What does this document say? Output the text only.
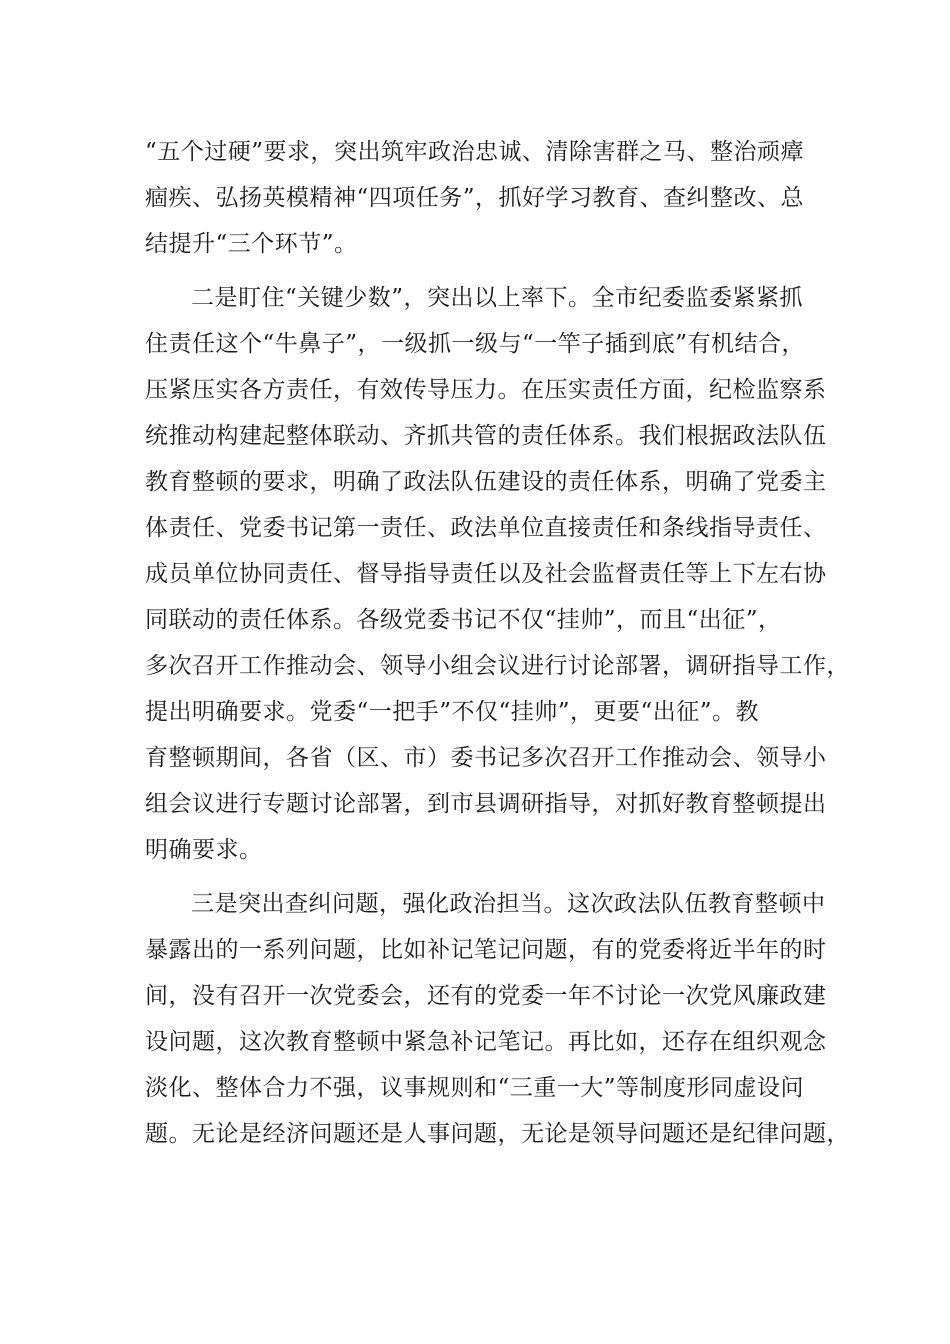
“五个过硬”要求，突出筑牢政治忠诚、清除害群之马、整治顽瘴
痼疾、弘扬英模精神“四项任务”，抓好学习教育、查纠整改、总
结提升“三个环节”。
二是盯住“关键少数”，突出以上率下。全市纪委监委紧紧抓
住责任这个“牛鼻子”，一级抓一级与“一竿子插到底”有机结合，
压紧压实各方责任，有效传导压力。在压实责任方面，纪检监察系
统推动构建起整体联动、齐抓共管的责任体系。我们根据政法队伍
教育整顿的要求，明确了政法队伍建设的责任体系，明确了党委主
体责任、党委书记第一责任、政法单位直接责任和条线指导责任、
成员单位协同责任、督导指导责任以及社会监督责任等上下左右协
同联动的责任体系。各级党委书记不仅“挂帅”，而且“出征”，
多次召开工作推动会、领导小组会议进行讨论部署，调研指导工作，
提出明确要求。党委“一把手”不仅“挂帅”，更要“出征”。教
育整顿期间，各省（区、市）委书记多次召开工作推动会、领导小
组会议进行专题讨论部署，到市县调研指导，对抓好教育整顿提出
明确要求。
三是突出查纠问题，强化政治担当。这次政法队伍教育整顿中
暴露出的一系列问题，比如补记笔记问题，有的党委将近半年的时
间，没有召开一次党委会，还有的党委一年不讨论一次党风廉政建
设问题，这次教育整顿中紧急补记笔记。再比如，还存在组织观念
淡化、整体合力不强，议事规则和“三重一大”等制度形同虚设问
题。无论是经济问题还是人事问题，无论是领导问题还是纪律问题，
